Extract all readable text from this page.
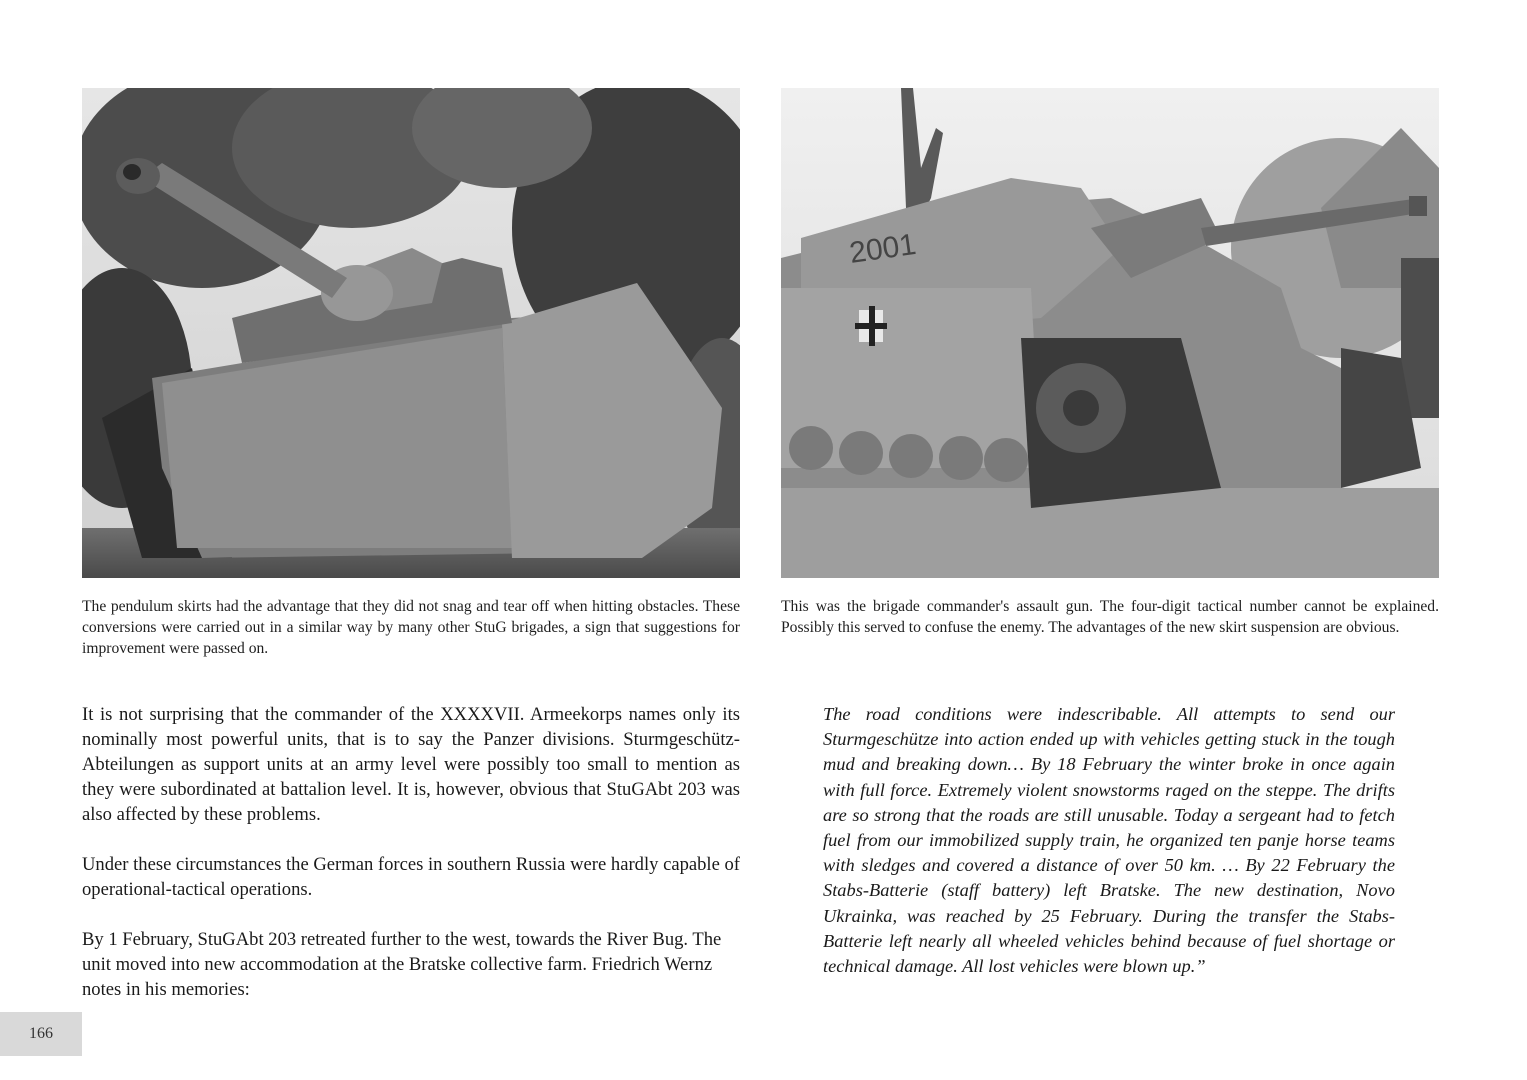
2001

The pendulum skirts had the advantage that they did not snag and tear off when hitting obstacles. These conversions were carried out in a similar way by many other StuG brigades, a sign that suggestions for improvement were passed on.

This was the brigade commander's assault gun. The four-digit tactical number cannot be explained. Possibly this served to confuse the enemy. The advantages of the new skirt suspension are obvious.

It is not surprising that the commander of the XXXXVII. Armeekorps names only its nominally most powerful units, that is to say the Panzer divisions. Sturmgeschütz-Abteilungen as support units at an army level were possibly too small to mention as they were subordinated at battalion level. It is, however, obvious that StuGAbt 203 was also affected by these problems.

Under these circumstances the German forces in southern Russia were hardly capable of operational-tactical operations.

By 1 February, StuGAbt 203 retreated further to the west, towards the River Bug. The unit moved into new accommodation at the Bratske collective farm. Friedrich Wernz notes in his memories:

The road conditions were indescribable. All attempts to send our Sturmgeschütze into action ended up with vehicles getting stuck in the tough mud and breaking down… By 18 February the winter broke in once again with full force. Extremely violent snowstorms raged on the steppe. The drifts are so strong that the roads are still unusable. Today a sergeant had to fetch fuel from our immobilized supply train, he organized ten panje horse teams with sledges and covered a distance of over 50 km. … By 22 February the Stabs-Batterie (staff battery) left Bratske. The new destination, Novo Ukrainka, was reached by 25 February. During the transfer the Stabs-Batterie left nearly all wheeled vehicles behind because of fuel shortage or technical damage. All lost vehicles were blown up.”

166
